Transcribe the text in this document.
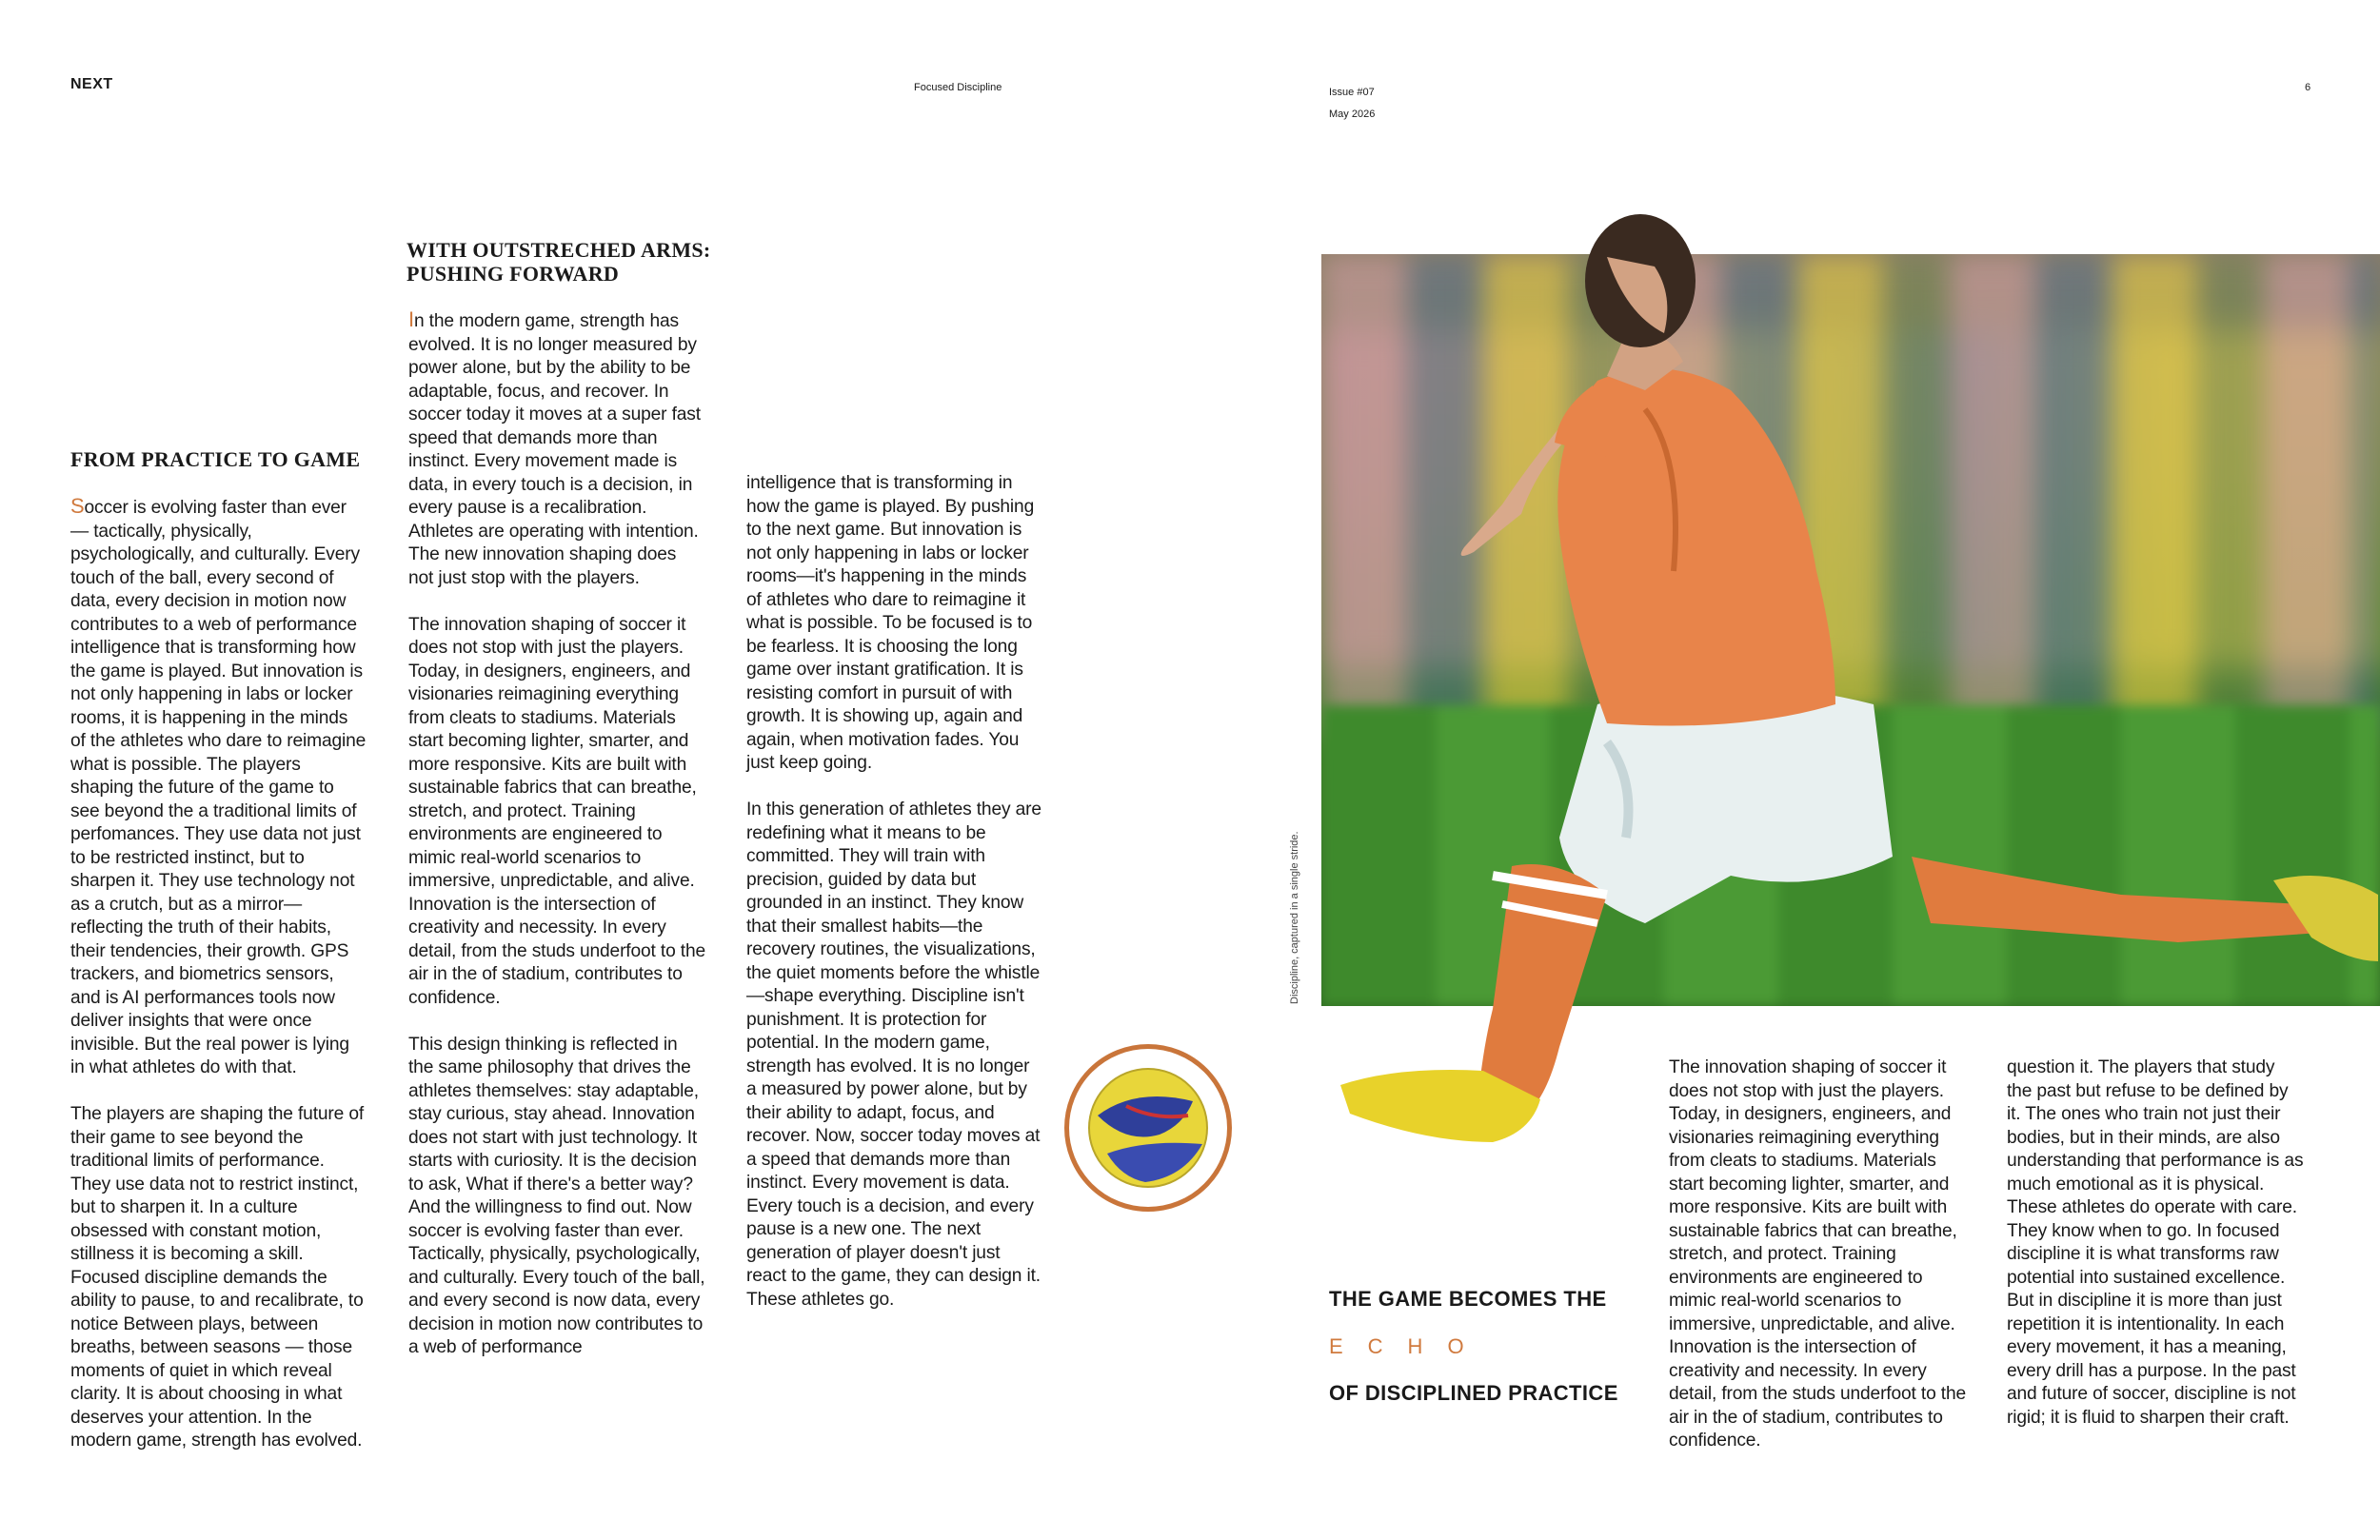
NEXT	Focused Discipline	Issue #07
May 2026
6
FROM PRACTICE TO GAME

Soccer is evolving faster than ever — tactically, physically, psychologically, and culturally. Every touch of the ball, every second of data, every decision in motion now contributes to a web of performance intelligence that is transforming how the game is played. But innovation is not only happening in labs or locker rooms, it is happening in the minds of the athletes who dare to reimagine what is possible. The players shaping the future of the game to see beyond the a traditional limits of perfomances. They use data not just to be restricted instinct, but to sharpen it. They use technology not as a crutch, but as a mirror—reflecting the truth of their habits, their tendencies, their growth. GPS trackers, and biometrics sensors, and is AI performances tools now deliver insights that were once invisible. But the real power is lying in what athletes do with that.

The players are shaping the future of their game to see beyond the traditional limits of performance. They use data not to restrict instinct, but to sharpen it. In a culture obsessed with constant motion, stillness it is becoming a skill. Focused discipline demands the ability to pause, to and recalibrate, to notice Between plays, between breaths, between seasons — those moments of quiet in which reveal clarity. It is about choosing in what deserves your attention. In the modern game, strength has evolved.

WITH OUTSTRECHED ARMS: PUSHING FORWARD

In the modern game, strength has evolved. It is no longer measured by power alone, but by the ability to be adaptable, focus, and recover. In soccer today it moves at a super fast speed that demands more than instinct. Every movement made is data, in every touch is a decision, in every pause is a recalibration. Athletes are operating with intention. The new innovation shaping does not just stop with the players.

The innovation shaping of soccer it does not stop with just the players. Today, in designers, engineers, and visionaries reimagining everything from cleats to stadiums. Materials start becoming lighter, smarter, and more responsive. Kits are built with sustainable fabrics that can breathe, stretch, and protect. Training environments are engineered to mimic real-world scenarios to immersive, unpredictable, and alive. Innovation is the intersection of creativity and necessity. In every detail, from the studs underfoot to the air in the of stadium, contributes to confidence.

This design thinking is reflected in the same philosophy that drives the athletes themselves: stay adaptable, stay curious, stay ahead. Innovation does not start with just technology. It starts with curiosity. It is the decision to ask, What if there's a better way? And the willingness to find out. Now soccer is evolving faster than ever. Tactically, physically, psychologically, and culturally. Every touch of the ball, and every second is now data, every decision in motion now contributes to a web of performance

intelligence that is transforming in how the game is played. By pushing to the next game. But innovation is not only happening in labs or locker rooms—it's happening in the minds of athletes who dare to reimagine it what is possible. To be focused is to be fearless. It is choosing the long game over instant gratification. It is resisting comfort in pursuit of with growth. It is showing up, again and again, when motivation fades. You just keep going.

In this generation of athletes they are redefining what it means to be committed. They will train with precision, guided by data but grounded in an instinct. They know that their smallest habits—the recovery routines, the visualizations, the quiet moments before the whistle—shape everything. Discipline isn't punishment. It is protection for potential. In the modern game, strength has evolved. It is no longer a measured by power alone, but by their ability to adapt, focus, and recover. Now, soccer today moves at a speed that demands more than instinct. Every movement is data. Every touch is a decision, and every pause is a new one. The next generation of player doesn't just react to the game, they can design it. These athletes go.

Discipline, captured in a single stride.
THE GAME BECOMES THE
ECHO
OF DISCIPLINED PRACTICE

The innovation shaping of soccer it does not stop with just the players. Today, in designers, engineers, and visionaries reimagining everything from cleats to stadiums. Materials start becoming lighter, smarter, and more responsive. Kits are built with sustainable fabrics that can breathe, stretch, and protect. Training environments are engineered to mimic real-world scenarios to immersive, unpredictable, and alive. Innovation is the intersection of creativity and necessity. In every detail, from the studs underfoot to the air in the of stadium, contributes to confidence.

question it. The players that study the past but refuse to be defined by it. The ones who train not just their bodies, but in their minds, are also understanding that performance is as much emotional as it is physical. These athletes do operate with care. They know when to go. In focused discipline it is what transforms raw potential into sustained excellence. But in discipline it is more than just repetition it is intentionality. In each every movement, it has a meaning, every drill has a purpose. In the past and future of soccer, discipline is not rigid; it is fluid to sharpen their craft.
